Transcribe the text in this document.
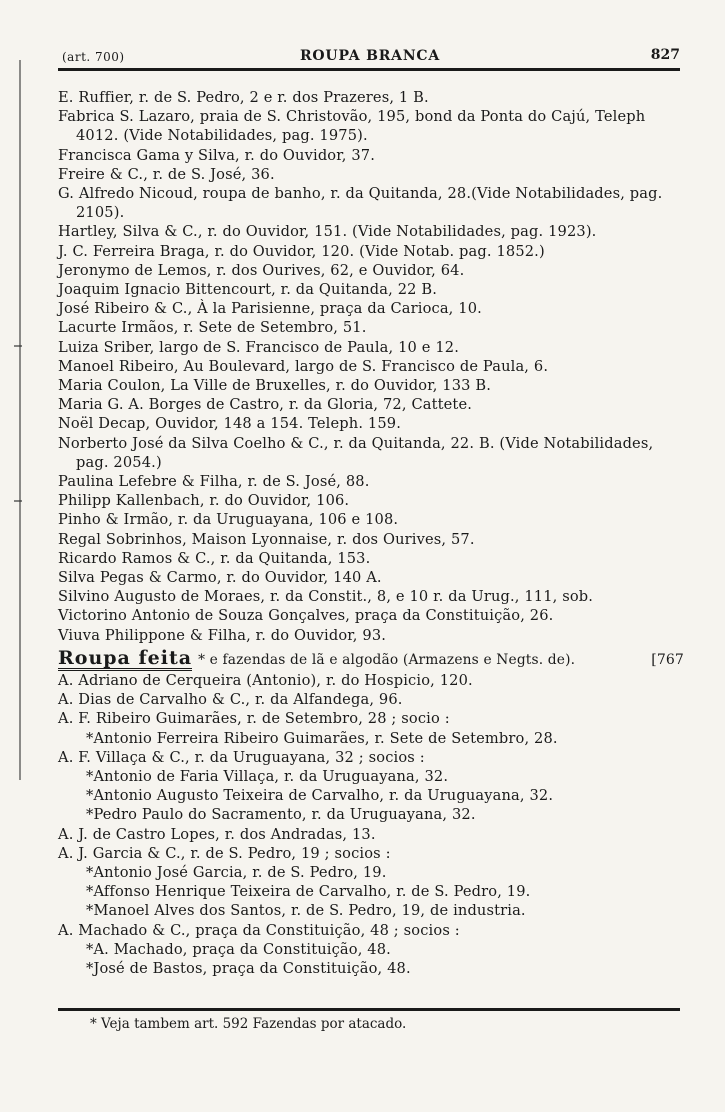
(art. 700)	ROUPA BRANCA	827
E. Ruffier, r. de S. Pedro, 2 e r. dos Prazeres, 1 B.
Fabrica S. Lazaro, praia de S. Christovão, 195, bond da Ponta do Cajú, Teleph 4012. (Vide Notabilidades, pag. 1975).
Francisca Gama y Silva, r. do Ouvidor, 37.
Freire & C., r. de S. José, 36.
G. Alfredo Nicoud, roupa de banho, r. da Quitanda, 28.(Vide Notabilidades, pag. 2105).
Hartley, Silva & C., r. do Ouvidor, 151. (Vide Notabilidades, pag. 1923).
J. C. Ferreira Braga, r. do Ouvidor, 120. (Vide Notab. pag. 1852.)
Jeronymo de Lemos, r. dos Ourives, 62, e Ouvidor, 64.
Joaquim Ignacio Bittencourt, r. da Quitanda, 22 B.
José Ribeiro & C., À la Parisienne, praça da Carioca, 10.
Lacurte Irmãos, r. Sete de Setembro, 51.
Luiza Sriber, largo de S. Francisco de Paula, 10 e 12.
Manoel Ribeiro, Au Boulevard, largo de S. Francisco de Paula, 6.
Maria Coulon, La Ville de Bruxelles, r. do Ouvidor, 133 B.
Maria G. A. Borges de Castro, r. da Gloria, 72, Cattete.
Noël Decap, Ouvidor, 148 a 154. Teleph. 159.
Norberto José da Silva Coelho & C., r. da Quitanda, 22. B. (Vide Notabilidades, pag. 2054.)
Paulina Lefebre & Filha, r. de S. José, 88.
Philipp Kallenbach, r. do Ouvidor, 106.
Pinho & Irmão, r. da Uruguayana, 106 e 108.
Regal Sobrinhos, Maison Lyonnaise, r. dos Ourives, 57.
Ricardo Ramos & C., r. da Quitanda, 153.
Silva Pegas & Carmo, r. do Ouvidor, 140 A.
Silvino Augusto de Moraes, r. da Constit., 8, e 10 r. da Urug., 111, sob.
Victorino Antonio de Souza Gonçalves, praça da Constituição, 26.
Viuva Philippone & Filha, r. do Ouvidor, 93.
Roupa feita * e fazendas de lã e algodão (Armazens e Negts. de).	[767
A. Adriano de Cerqueira (Antonio), r. do Hospicio, 120.
A. Dias de Carvalho & C., r. da Alfandega, 96.
A. F. Ribeiro Guimarães, r. de Setembro, 28 ; socio :
*Antonio Ferreira Ribeiro Guimarães, r. Sete de Setembro, 28.
A. F. Villaça & C., r. da Uruguayana, 32 ; socios :
*Antonio de Faria Villaça, r. da Uruguayana, 32.
*Antonio Augusto Teixeira de Carvalho, r. da Uruguayana, 32.
*Pedro Paulo do Sacramento, r. da Uruguayana, 32.
A. J. de Castro Lopes, r. dos Andradas, 13.
A. J. Garcia & C., r. de S. Pedro, 19 ; socios :
*Antonio José Garcia, r. de S. Pedro, 19.
*Affonso Henrique Teixeira de Carvalho, r. de S. Pedro, 19.
*Manoel Alves dos Santos, r. de S. Pedro, 19, de industria.
A. Machado & C., praça da Constituição, 48 ; socios :
*A. Machado, praça da Constituição, 48.
*José de Bastos, praça da Constituição, 48.
* Veja tambem art. 592 Fazendas por atacado.
